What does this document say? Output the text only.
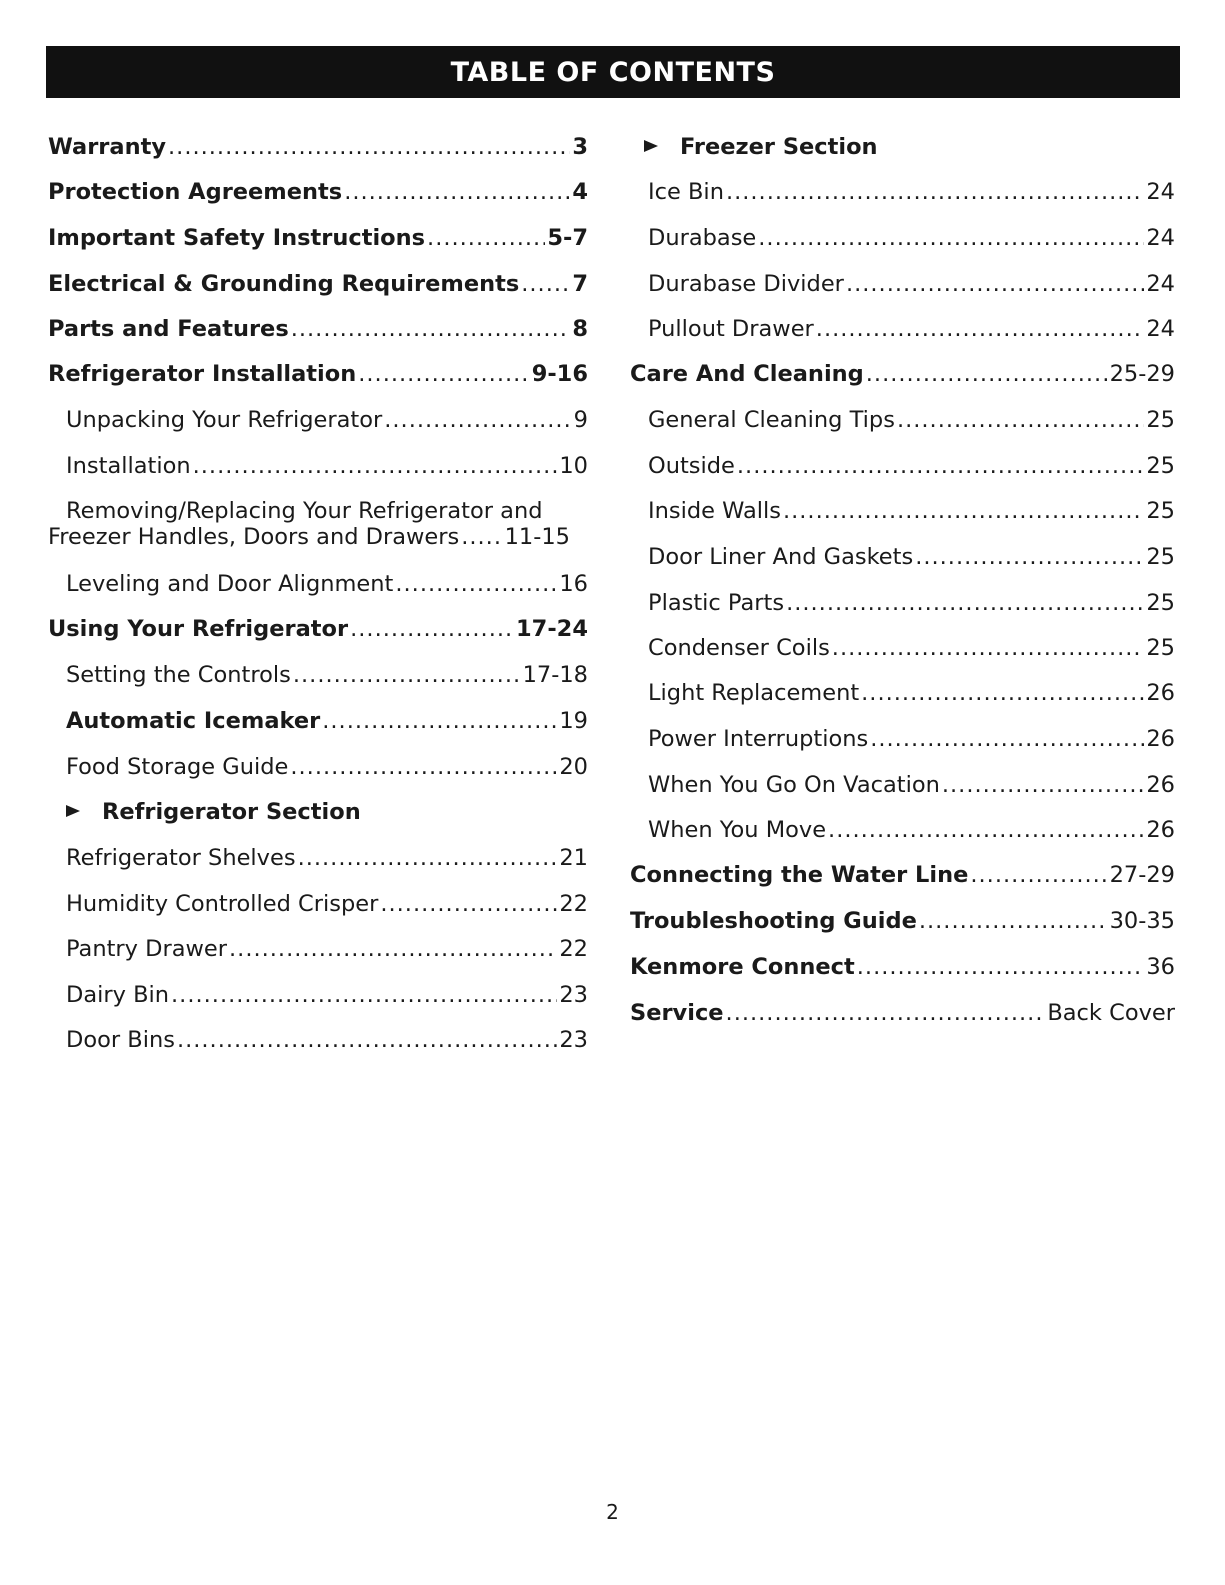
TABLE OF CONTENTS
Warranty .....	3
Protection Agreements .....	4
Important Safety Instructions .....	5-7
Electrical & Grounding Requirements ..... 7
Parts and Features .....	8
Refrigerator Installation .....	9-16
Unpacking Your Refrigerator .....	9
Installation .....	10
Removing/Replacing Your Refrigerator and
Freezer Handles, Doors and Drawers ..... 11-15
Leveling and Door Alignment .....	16
Using Your Refrigerator .....	17-24
Setting the Controls .....	17-18
Automatic Icemaker .....	19
Food Storage Guide .....	20
Refrigerator Section
Refrigerator Shelves .....	21
Humidity Controlled Crisper .....	22
Pantry Drawer .....	22
Dairy Bin .....	23
Door Bins .....	23
Freezer Section
Ice Bin .....	24
Durabase .....	24
Durabase Divider .....	24
Pullout Drawer .....	24
Care And Cleaning .....	25-29
General Cleaning Tips .....	25
Outside .....	25
Inside Walls .....	25
Door Liner And Gaskets .....	25
Plastic Parts .....	25
Condenser Coils .....	25
Light Replacement .....	26
Power Interruptions .....	26
When You Go On Vacation .....	26
When You Move .....	26
Connecting the Water Line .....	27-29
Troubleshooting Guide .....	30-35
Kenmore Connect .....	36
Service .....	Back Cover
2
